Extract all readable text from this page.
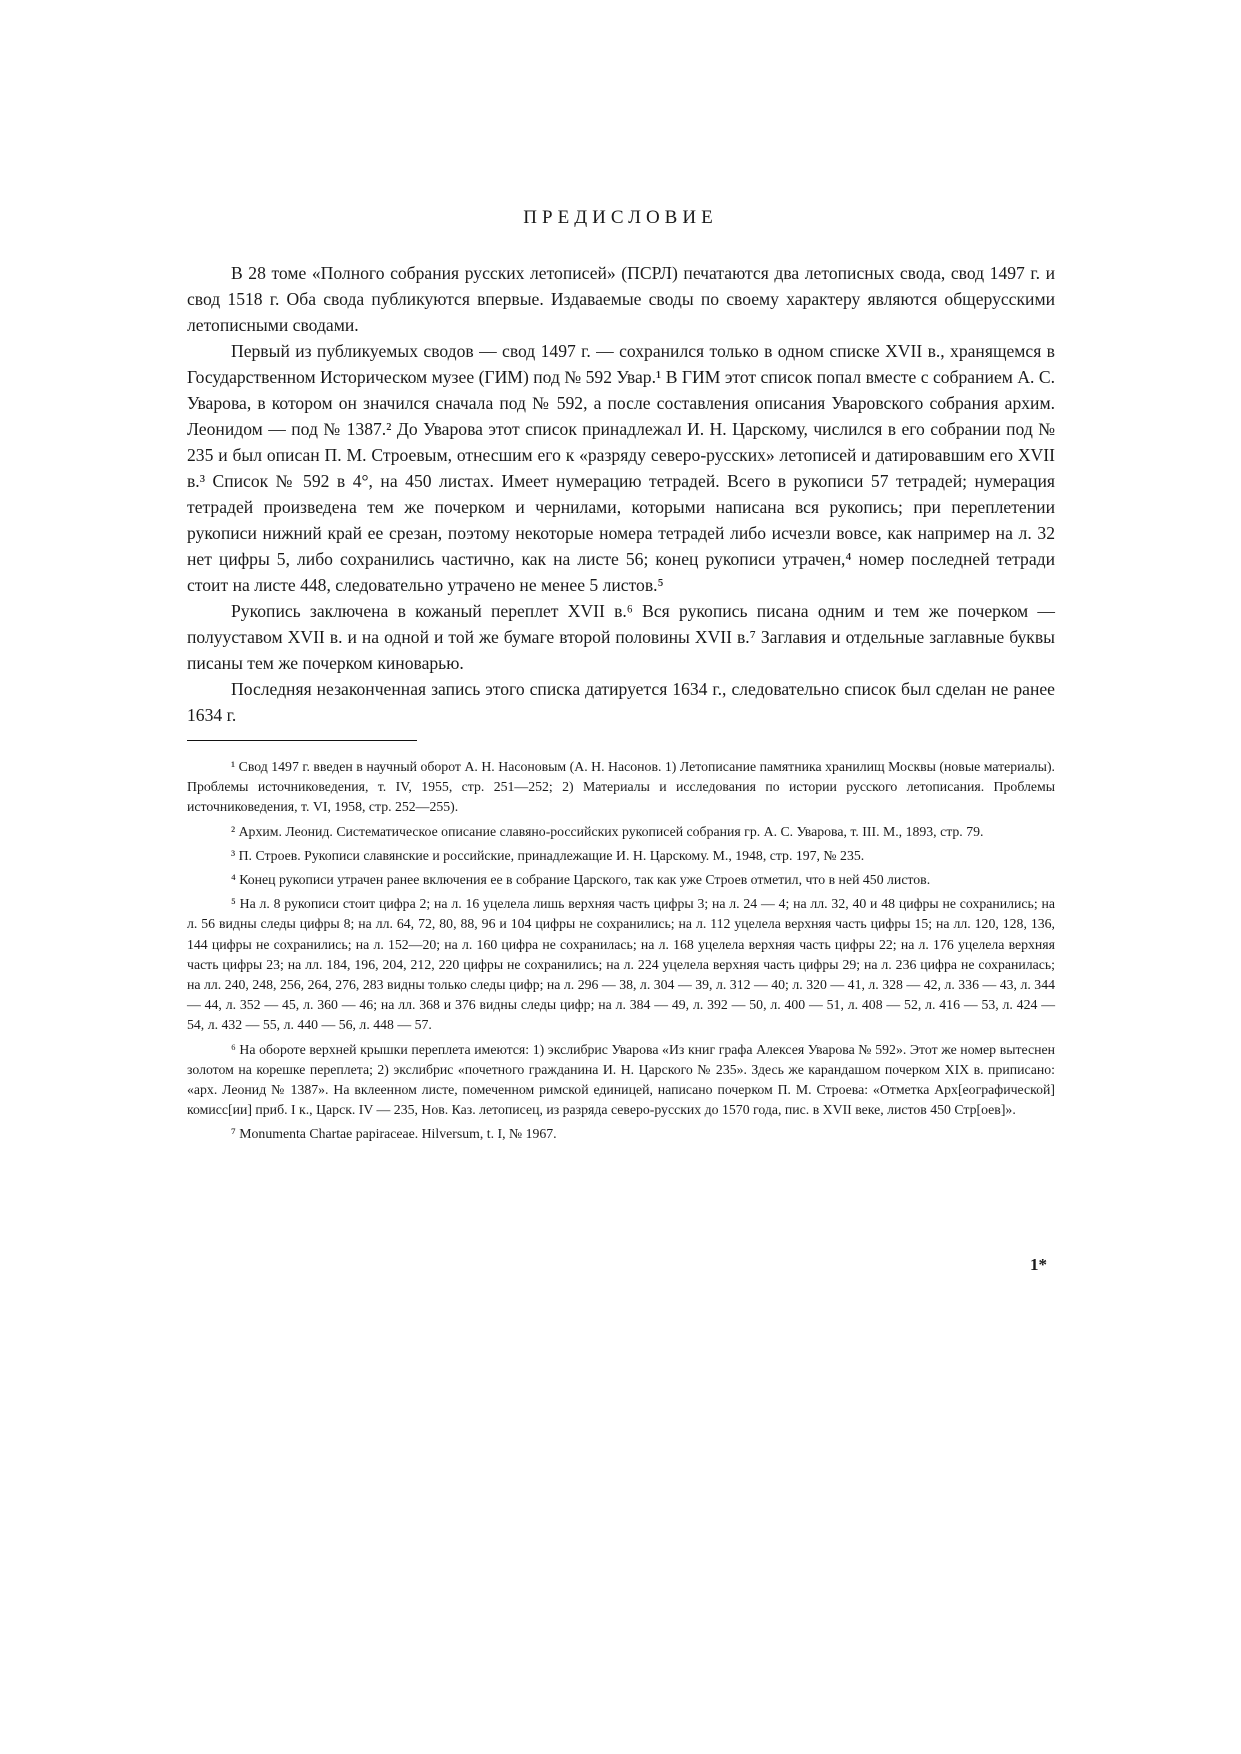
ПРЕДИСЛОВИЕ

В 28 томе «Полного собрания русских летописей» (ПСРЛ) печатаются два летописных свода, свод 1497 г. и свод 1518 г. Оба свода публикуются впервые. Издаваемые своды по своему характеру являются общерусскими летописными сводами.

Первый из публикуемых сводов — свод 1497 г. — сохранился только в одном списке XVII в., хранящемся в Государственном Историческом музее (ГИМ) под № 592 Увар.¹ В ГИМ этот список попал вместе с собранием А. С. Уварова, в котором он значился сначала под № 592, а после составления описания Уваровского собрания архим. Леонидом — под № 1387.² До Уварова этот список принадлежал И. Н. Царскому, числился в его собрании под № 235 и был описан П. М. Строевым, отнесшим его к «разряду северо-русских» летописей и датировавшим его XVII в.³ Список № 592 в 4°, на 450 листах. Имеет нумерацию тетрадей. Всего в рукописи 57 тетрадей; нумерация тетрадей произведена тем же почерком и чернилами, которыми написана вся рукопись; при переплетении рукописи нижний край ее срезан, поэтому некоторые номера тетрадей либо исчезли вовсе, как например на л. 32 нет цифры 5, либо сохранились частично, как на листе 56; конец рукописи утрачен,⁴ номер последней тетради стоит на листе 448, следовательно утрачено не менее 5 листов.⁵

Рукопись заключена в кожаный переплет XVII в.⁶ Вся рукопись писана одним и тем же почерком — полууставом XVII в. и на одной и той же бумаге второй половины XVII в.⁷ Заглавия и отдельные заглавные буквы писаны тем же почерком киноварью.

Последняя незаконченная запись этого списка датируется 1634 г., следовательно список был сделан не ранее 1634 г.

¹ Свод 1497 г. введен в научный оборот А. Н. Насоновым (А. Н. Насонов. 1) Летописание памятника хранилищ Москвы (новые материалы). Проблемы источниковедения, т. IV, 1955, стр. 251—252; 2) Материалы и исследования по истории русского летописания. Проблемы источниковедения, т. VI, 1958, стр. 252—255).

² Архим. Леонид. Систематическое описание славяно-российских рукописей собрания гр. А. С. Уварова, т. III. М., 1893, стр. 79.

³ П. Строев. Рукописи славянские и российские, принадлежащие И. Н. Царскому. М., 1948, стр. 197, № 235.

⁴ Конец рукописи утрачен ранее включения ее в собрание Царского, так как уже Строев отметил, что в ней 450 листов.

⁵ На л. 8 рукописи стоит цифра 2; на л. 16 уцелела лишь верхняя часть цифры 3; на л. 24 — 4; на лл. 32, 40 и 48 цифры не сохранились; на л. 56 видны следы цифры 8; на лл. 64, 72, 80, 88, 96 и 104 цифры не сохранились; на л. 112 уцелела верхняя часть цифры 15; на лл. 120, 128, 136, 144 цифры не сохранились; на л. 152—20; на л. 160 цифра не сохранилась; на л. 168 уцелела верхняя часть цифры 22; на л. 176 уцелела верхняя часть цифры 23; на лл. 184, 196, 204, 212, 220 цифры не сохранились; на л. 224 уцелела верхняя часть цифры 29; на л. 236 цифра не сохранилась; на лл. 240, 248, 256, 264, 276, 283 видны только следы цифр; на л. 296 — 38, л. 304 — 39, л. 312 — 40; л. 320 — 41, л. 328 — 42, л. 336 — 43, л. 344 — 44, л. 352 — 45, л. 360 — 46; на лл. 368 и 376 видны следы цифр; на л. 384 — 49, л. 392 — 50, л. 400 — 51, л. 408 — 52, л. 416 — 53, л. 424 — 54, л. 432 — 55, л. 440 — 56, л. 448 — 57.

⁶ На обороте верхней крышки переплета имеются: 1) экслибрис Уварова «Из книг графа Алексея Уварова № 592». Этот же номер вытеснен золотом на корешке переплета; 2) экслибрис «почетного гражданина И. Н. Царского № 235». Здесь же карандашом почерком XIX в. приписано: «арх. Леонид № 1387». На вклеенном листе, помеченном римской единицей, написано почерком П. М. Строева: «Отметка Арх[еографической] комисс[ии] приб. I к., Царск. IV — 235, Нов. Каз. летописец, из разряда северо-русских до 1570 года, пис. в XVII веке, листов 450 Стр[оев]».

⁷ Monumenta Chartae papiraceae. Hilversum, t. I, № 1967.

1*
